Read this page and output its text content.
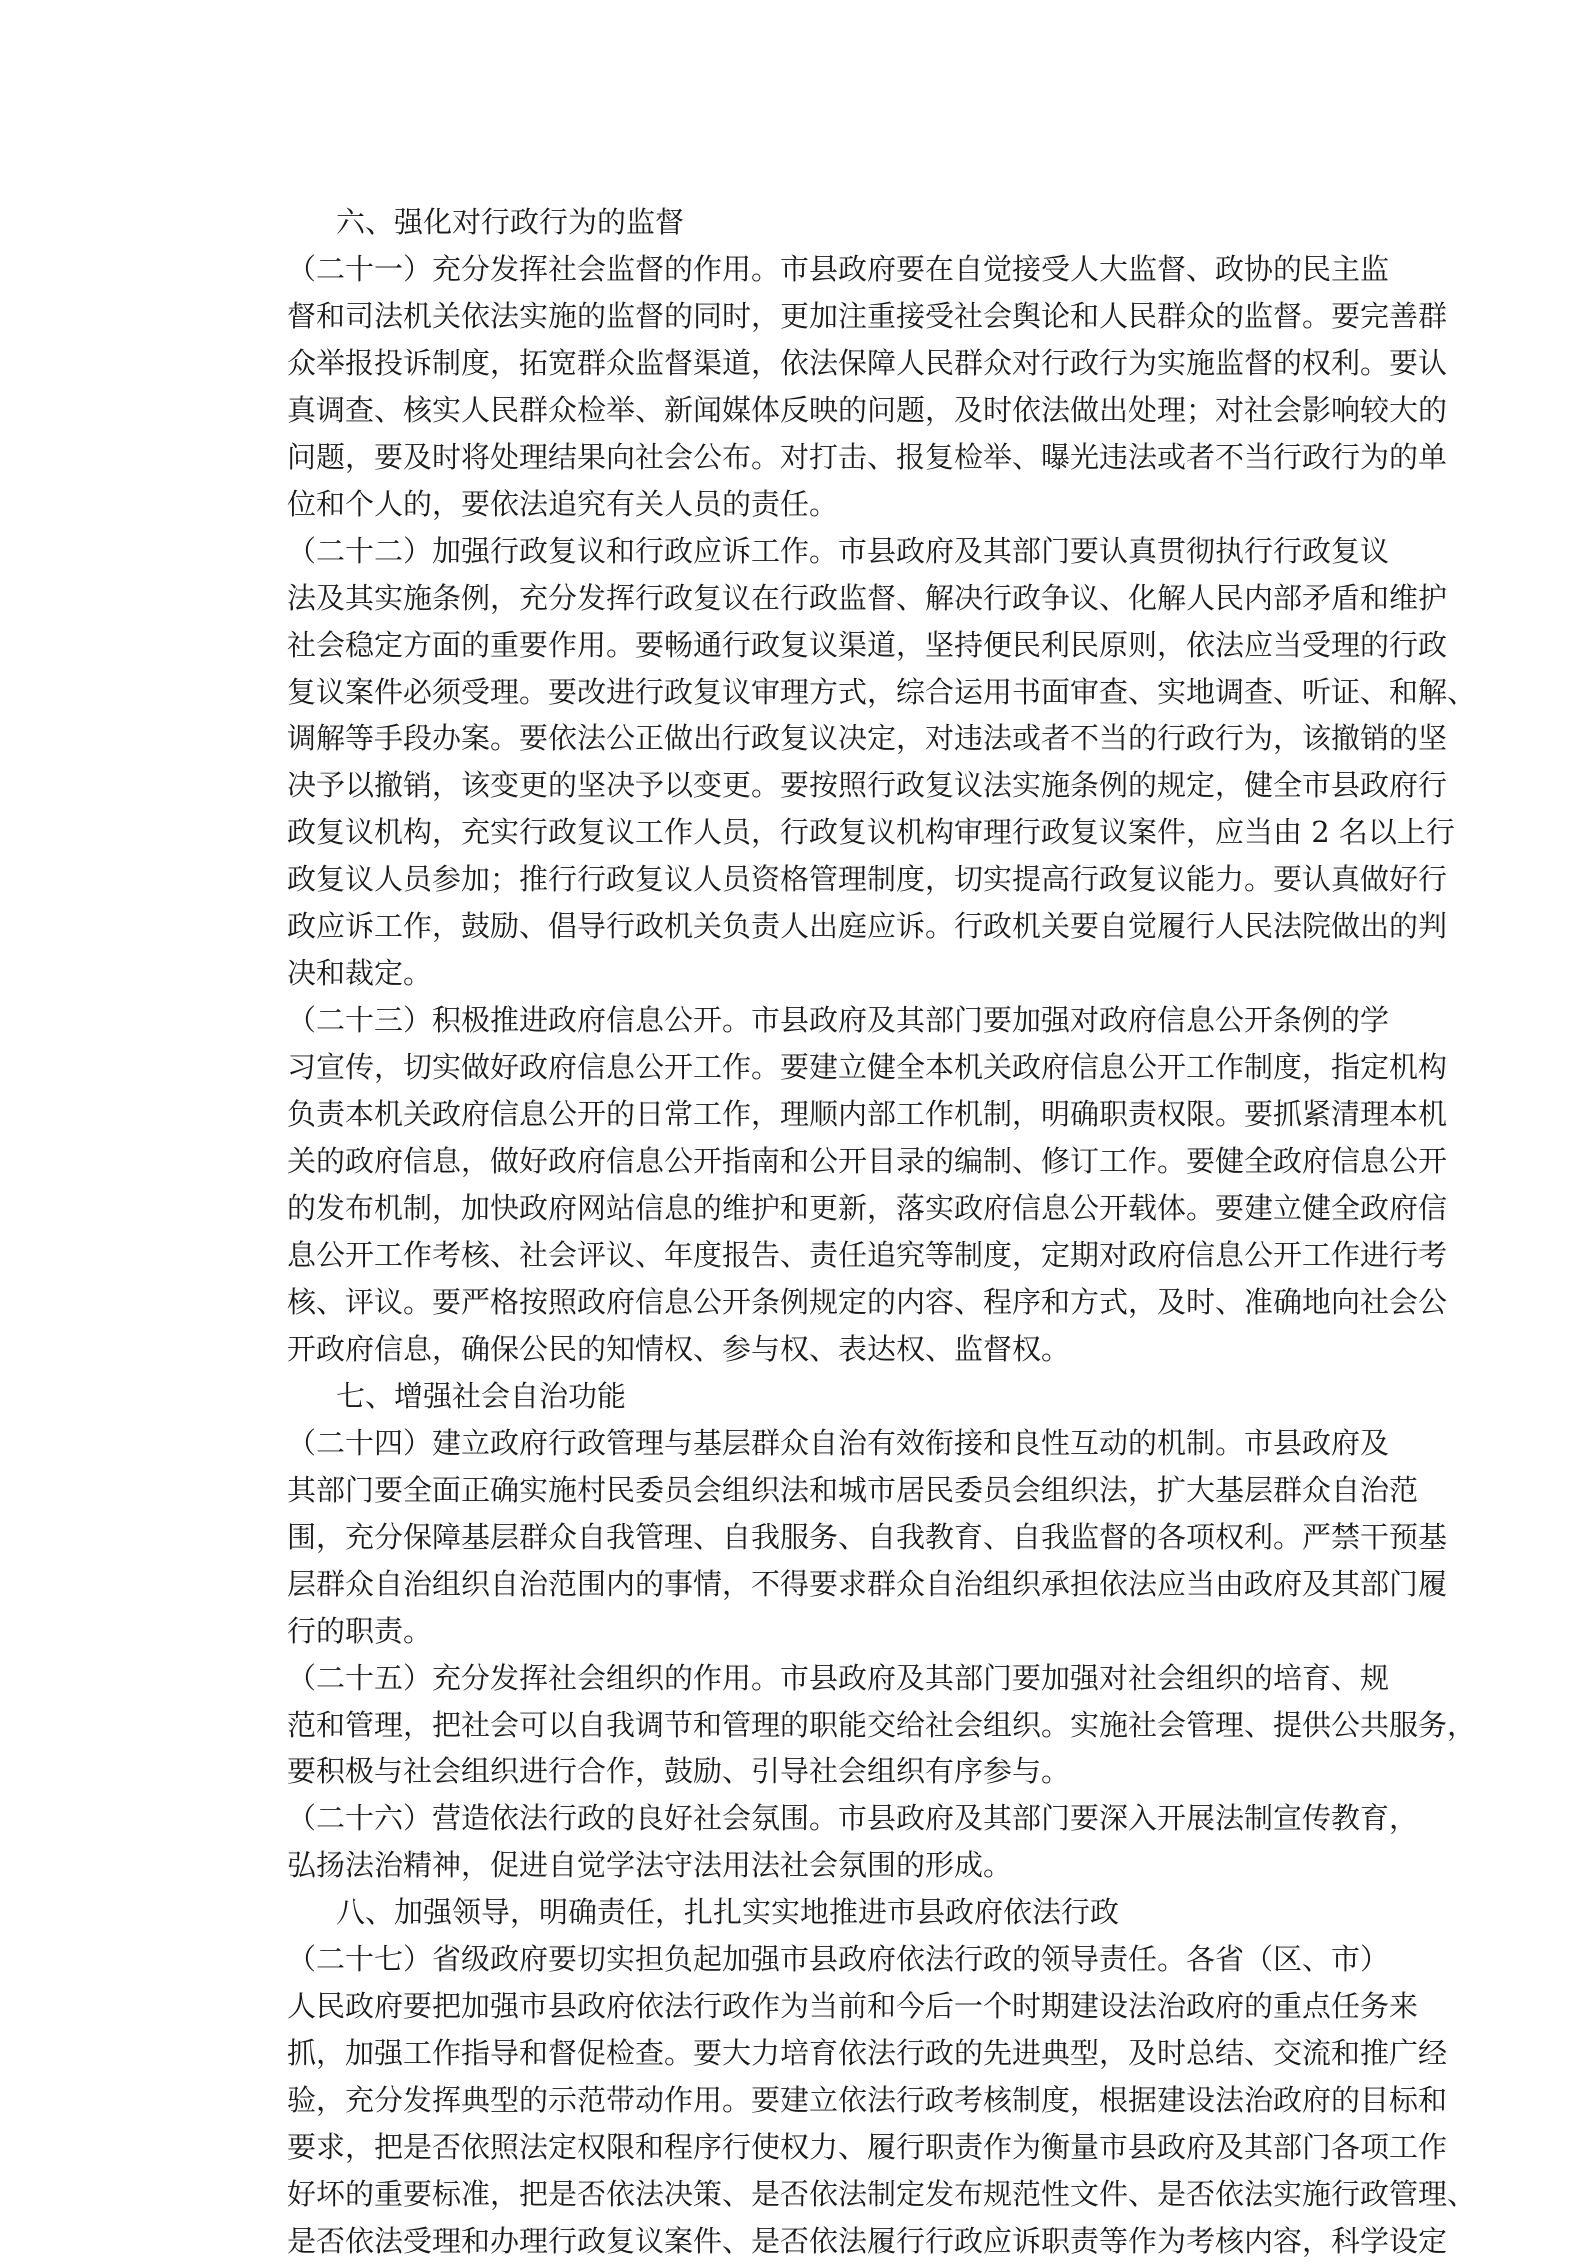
六、强化对行政行为的监督
（二十一）充分发挥社会监督的作用。市县政府要在自觉接受人大监督、政协的民主监
督和司法机关依法实施的监督的同时，更加注重接受社会舆论和人民群众的监督。要完善群
众举报投诉制度，拓宽群众监督渠道，依法保障人民群众对行政行为实施监督的权利。要认
真调查、核实人民群众检举、新闻媒体反映的问题，及时依法做出处理；对社会影响较大的
问题，要及时将处理结果向社会公布。对打击、报复检举、曝光违法或者不当行政行为的单
位和个人的，要依法追究有关人员的责任。
（二十二）加强行政复议和行政应诉工作。市县政府及其部门要认真贯彻执行行政复议
法及其实施条例，充分发挥行政复议在行政监督、解决行政争议、化解人民内部矛盾和维护
社会稳定方面的重要作用。要畅通行政复议渠道，坚持便民利民原则，依法应当受理的行政
复议案件必须受理。要改进行政复议审理方式，综合运用书面审查、实地调查、听证、和解、
调解等手段办案。要依法公正做出行政复议决定，对违法或者不当的行政行为，该撤销的坚
决予以撤销，该变更的坚决予以变更。要按照行政复议法实施条例的规定，健全市县政府行
政复议机构，充实行政复议工作人员，行政复议机构审理行政复议案件，应当由 2 名以上行
政复议人员参加；推行行政复议人员资格管理制度，切实提高行政复议能力。要认真做好行
政应诉工作，鼓励、倡导行政机关负责人出庭应诉。行政机关要自觉履行人民法院做出的判
决和裁定。
（二十三）积极推进政府信息公开。市县政府及其部门要加强对政府信息公开条例的学
习宣传，切实做好政府信息公开工作。要建立健全本机关政府信息公开工作制度，指定机构
负责本机关政府信息公开的日常工作，理顺内部工作机制，明确职责权限。要抓紧清理本机
关的政府信息，做好政府信息公开指南和公开目录的编制、修订工作。要健全政府信息公开
的发布机制，加快政府网站信息的维护和更新，落实政府信息公开载体。要建立健全政府信
息公开工作考核、社会评议、年度报告、责任追究等制度，定期对政府信息公开工作进行考
核、评议。要严格按照政府信息公开条例规定的内容、程序和方式，及时、准确地向社会公
开政府信息，确保公民的知情权、参与权、表达权、监督权。
七、增强社会自治功能
（二十四）建立政府行政管理与基层群众自治有效衔接和良性互动的机制。市县政府及
其部门要全面正确实施村民委员会组织法和城市居民委员会组织法，扩大基层群众自治范
围，充分保障基层群众自我管理、自我服务、自我教育、自我监督的各项权利。严禁干预基
层群众自治组织自治范围内的事情，不得要求群众自治组织承担依法应当由政府及其部门履
行的职责。
（二十五）充分发挥社会组织的作用。市县政府及其部门要加强对社会组织的培育、规
范和管理，把社会可以自我调节和管理的职能交给社会组织。实施社会管理、提供公共服务，
要积极与社会组织进行合作，鼓励、引导社会组织有序参与。
（二十六）营造依法行政的良好社会氛围。市县政府及其部门要深入开展法制宣传教育，
弘扬法治精神，促进自觉学法守法用法社会氛围的形成。
八、加强领导，明确责任，扎扎实实地推进市县政府依法行政
（二十七）省级政府要切实担负起加强市县政府依法行政的领导责任。各省（区、市）
人民政府要把加强市县政府依法行政作为当前和今后一个时期建设法治政府的重点任务来
抓，加强工作指导和督促检查。要大力培育依法行政的先进典型，及时总结、交流和推广经
验，充分发挥典型的示范带动作用。要建立依法行政考核制度，根据建设法治政府的目标和
要求，把是否依照法定权限和程序行使权力、履行职责作为衡量市县政府及其部门各项工作
好坏的重要标准，把是否依法决策、是否依法制定发布规范性文件、是否依法实施行政管理、
是否依法受理和办理行政复议案件、是否依法履行行政应诉职责等作为考核内容，科学设定
